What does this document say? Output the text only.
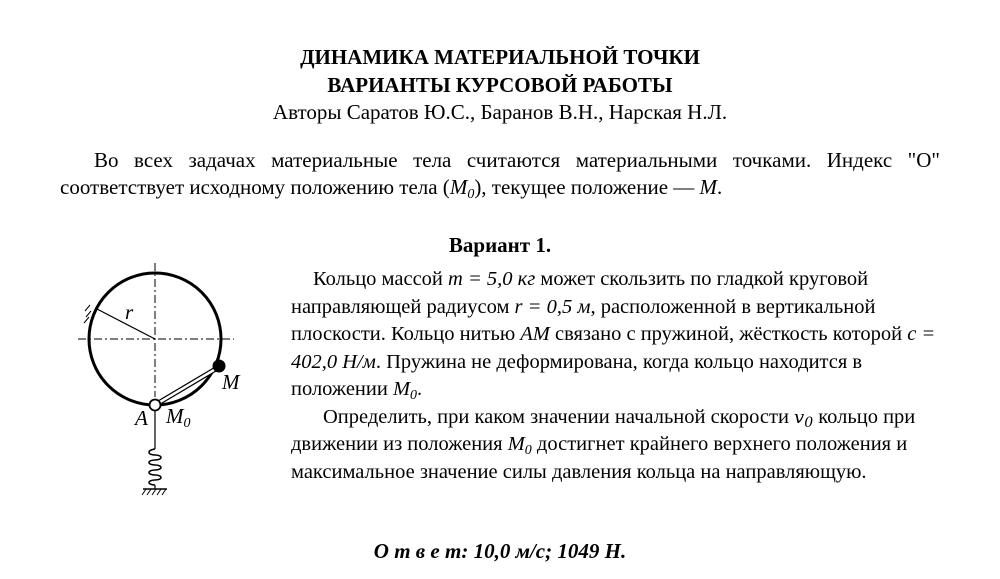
ДИНАМИКА МАТЕРИАЛЬНОЙ ТОЧКИ
ВАРИАНТЫ КУРСОВОЙ РАБОТЫ
Авторы Саратов Ю.С., Баранов В.Н., Нарская Н.Л.
Во всех задачах материальные тела считаются материальными точками. Индекс "О" соответствует исходному положению тела $(M_0)$, текущее положение — M.
Вариант 1.
r
M
A M0

Кольцо массой m = 5,0 кг может скользить по гладкой круговой направляющей радиусом r = 0,5 м, расположенной в вертикальной плоскости. Кольцо нитью AM связано с пружиной, жёсткость которой с = 402,0 Н/м. Пружина не деформирована, когда кольцо находится в положении $M_0$.

Определить, при каком значении начальной скорости $v_0$ кольцо при движении из положения $M_0$ достигнет крайнего верхнего положения и максимальное значение силы давления кольца на направляющую.

О т в е т: 10,0 м/с; 1049 Н.
